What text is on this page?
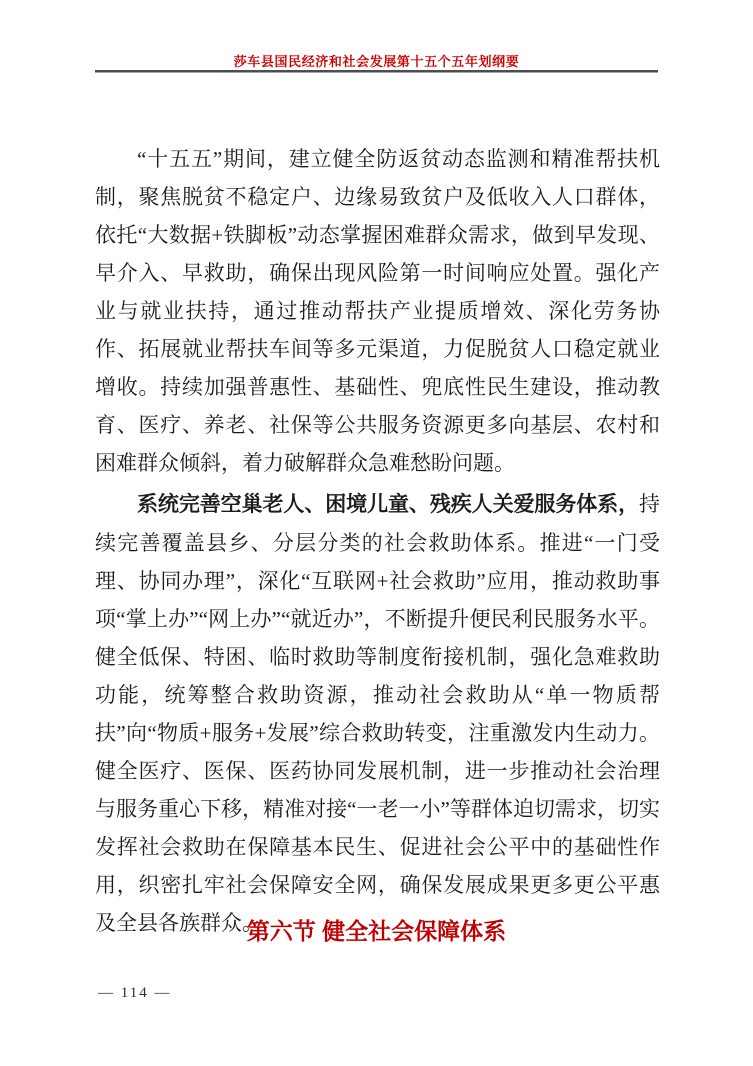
莎车县国民经济和社会发展第十五个五年划纲要

“十五五”期间，建立健全防返贫动态监测和精准帮扶机制，聚焦脱贫不稳定户、边缘易致贫户及低收入人口群体，依托“大数据+铁脚板”动态掌握困难群众需求，做到早发现、早介入、早救助，确保出现风险第一时间响应处置。强化产业与就业扶持，通过推动帮扶产业提质增效、深化劳务协作、拓展就业帮扶车间等多元渠道，力促脱贫人口稳定就业增收。持续加强普惠性、基础性、兜底性民生建设，推动教育、医疗、养老、社保等公共服务资源更多向基层、农村和困难群众倾斜，着力破解群众急难愁盼问题。

系统完善空巢老人、困境儿童、残疾人关爱服务体系，持续完善覆盖县乡、分层分类的社会救助体系。推进“一门受理、协同办理”，深化“互联网+社会救助”应用，推动救助事项“掌上办”“网上办”“就近办”，不断提升便民利民服务水平。健全低保、特困、临时救助等制度衔接机制，强化急难救助功能，统筹整合救助资源，推动社会救助从“单一物质帮扶”向“物质+服务+发展”综合救助转变，注重激发内生动力。健全医疗、医保、医药协同发展机制，进一步推动社会治理与服务重心下移，精准对接“一老一小”等群体迫切需求，切实发挥社会救助在保障基本民生、促进社会公平中的基础性作用，织密扎牢社会保障安全网，确保发展成果更多更公平惠及全县各族群众。

第六节 健全社会保障体系
— 114 —
